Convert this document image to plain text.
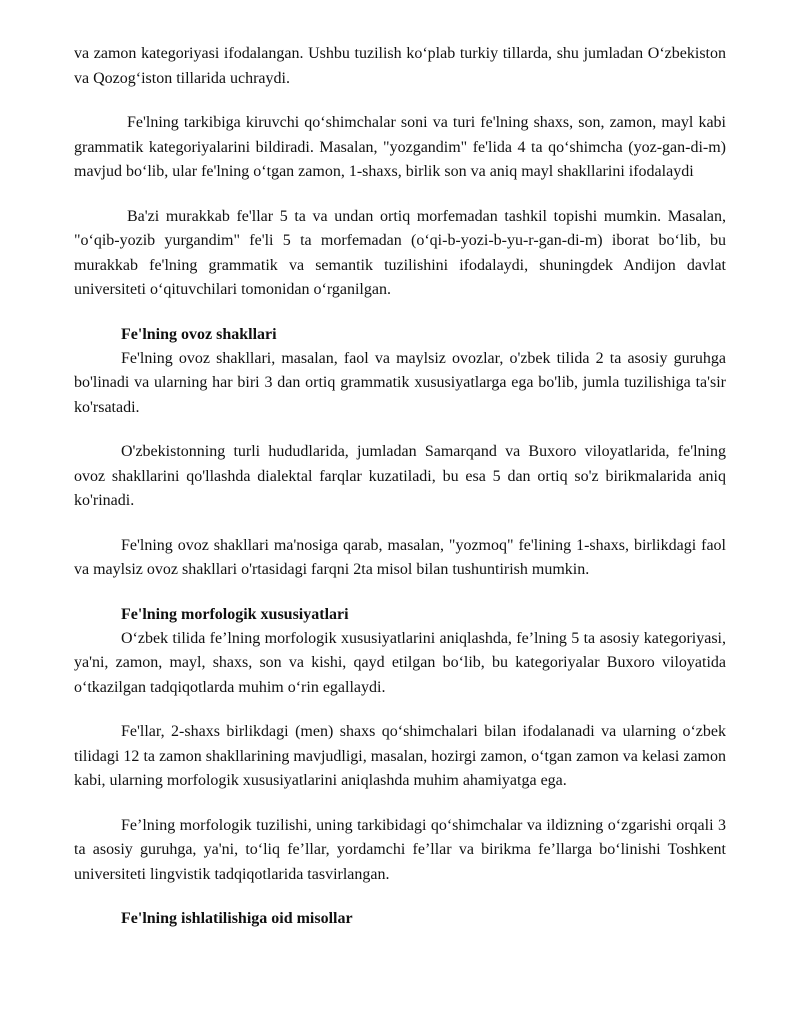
va zamon kategoriyasi ifodalangan. Ushbu tuzilish ko‘plab turkiy tillarda, shu jumladan O‘zbekiston va Qozog‘iston tillarida uchraydi.

Fe'lning tarkibiga kiruvchi qo‘shimchalar soni va turi fe'lning shaxs, son, zamon, mayl kabi grammatik kategoriyalarini bildiradi. Masalan, "yozgandim" fe'lida 4 ta qo‘shimcha (yoz-gan-di-m) mavjud bo‘lib, ular fe'lning o‘tgan zamon, 1-shaxs, birlik son va aniq mayl shakllarini ifodalaydi

Ba'zi murakkab fe'llar 5 ta va undan ortiq morfemadan tashkil topishi mumkin. Masalan, "o‘qib-yozib yurgandim" fe'li 5 ta morfemadan (o‘qi-b-yozi-b-yu-r-gan-di-m) iborat bo‘lib, bu murakkab fe'lning grammatik va semantik tuzilishini ifodalaydi, shuningdek Andijon davlat universiteti o‘qituvchilari tomonidan o‘rganilgan.

Fe'lning ovoz shakllari

Fe'lning ovoz shakllari, masalan, faol va maylsiz ovozlar, o'zbek tilida 2 ta asosiy guruhga bo'linadi va ularning har biri 3 dan ortiq grammatik xususiyatlarga ega bo'lib, jumla tuzilishiga ta'sir ko'rsatadi.

O'zbekistonning turli hududlarida, jumladan Samarqand va Buxoro viloyatlarida, fe'lning ovoz shakllarini qo'llashda dialektal farqlar kuzatiladi, bu esa 5 dan ortiq so'z birikmalarida aniq ko'rinadi.

Fe'lning ovoz shakllari ma'nosiga qarab, masalan, "yozmoq" fe'lining 1-shaxs, birlikdagi faol va maylsiz ovoz shakllari o'rtasidagi farqni 2ta misol bilan tushuntirish mumkin.

Fe'lning morfologik xususiyatlari

O‘zbek tilida fe’lning morfologik xususiyatlarini aniqlashda, fe’lning 5 ta asosiy kategoriyasi, ya'ni, zamon, mayl, shaxs, son va kishi, qayd etilgan bo‘lib, bu kategoriyalar Buxoro viloyatida o‘tkazilgan tadqiqotlarda muhim o‘rin egallaydi.

Fe'llar, 2-shaxs birlikdagi (men) shaxs qo‘shimchalari bilan ifodalanadi va ularning o‘zbek tilidagi 12 ta zamon shakllarining mavjudligi, masalan, hozirgi zamon, o‘tgan zamon va kelasi zamon kabi, ularning morfologik xususiyatlarini aniqlashda muhim ahamiyatga ega.

Fe’lning morfologik tuzilishi, uning tarkibidagi qo‘shimchalar va ildizning o‘zgarishi orqali 3 ta asosiy guruhga, ya'ni, to‘liq fe’llar, yordamchi fe’llar va birikma fe’llarga bo‘linishi Toshkent universiteti lingvistik tadqiqotlarida tasvirlangan.

Fe'lning ishlatilishiga oid misollar
